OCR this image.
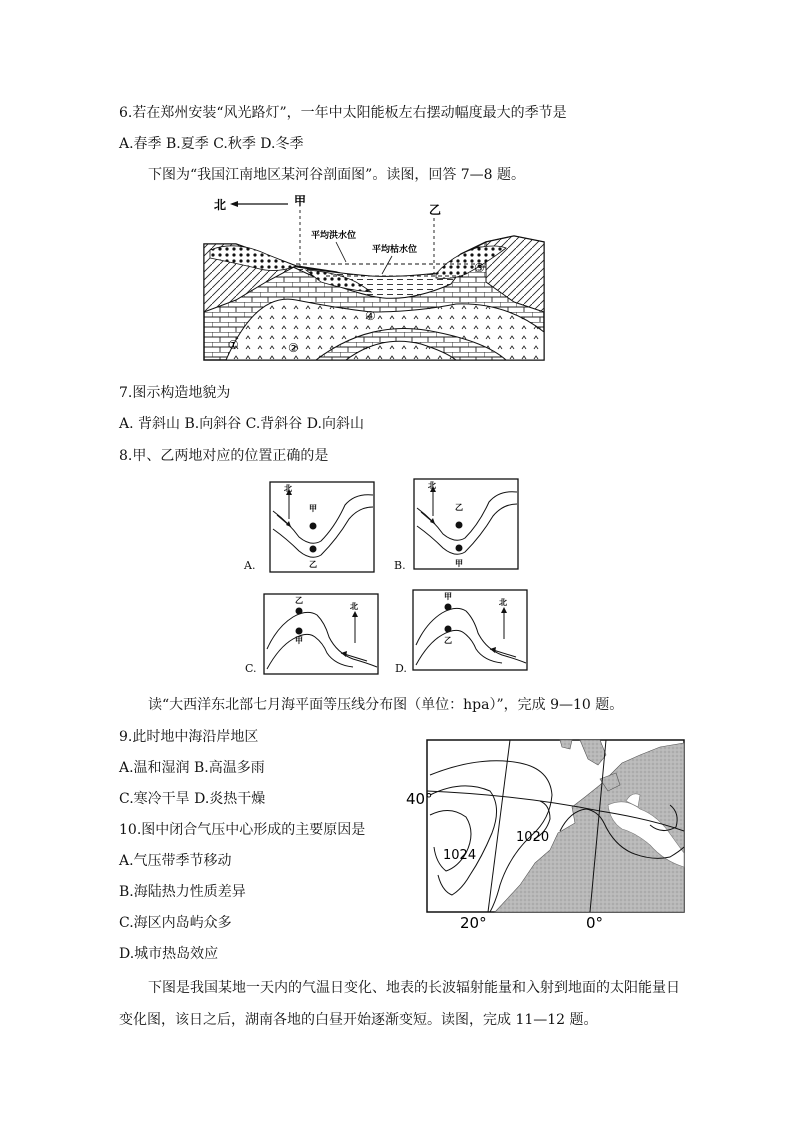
6.若在郑州安装“风光路灯”，一年中太阳能板左右摆动幅度最大的季节是
A.春季 B.夏季 C.秋季 D.冬季
下图为“我国江南地区某河谷剖面图”。读图，回答 7—8 题。
北	甲
乙
平均洪水位
平均枯水位
①	②
③
④
7.图示构造地貌为
A. 背斜山 B.向斜谷 C.背斜谷 D.向斜山
8.甲、乙两地对应的位置正确的是
A.
北
甲
乙	B.
北
乙
甲
C.
北
乙
甲
D.
北
甲
乙
读“大西洋东北部七月海平面等压线分布图（单位：hpa）”，完成 9—10 题。
9.此时地中海沿岸地区
A.温和湿润 B.高温多雨
C.寒冷干旱 D.炎热干燥
10.图中闭合气压中心形成的主要原因是
A.气压带季节移动
B.海陆热力性质差异
C.海区内岛屿众多
D.城市热岛效应
40°
20°	0°
1020
1024
下图是我国某地一天内的气温日变化、地表的长波辐射能量和入射到地面的太阳能量日
变化图，该日之后，湖南各地的白昼开始逐渐变短。读图，完成 11—12 题。
